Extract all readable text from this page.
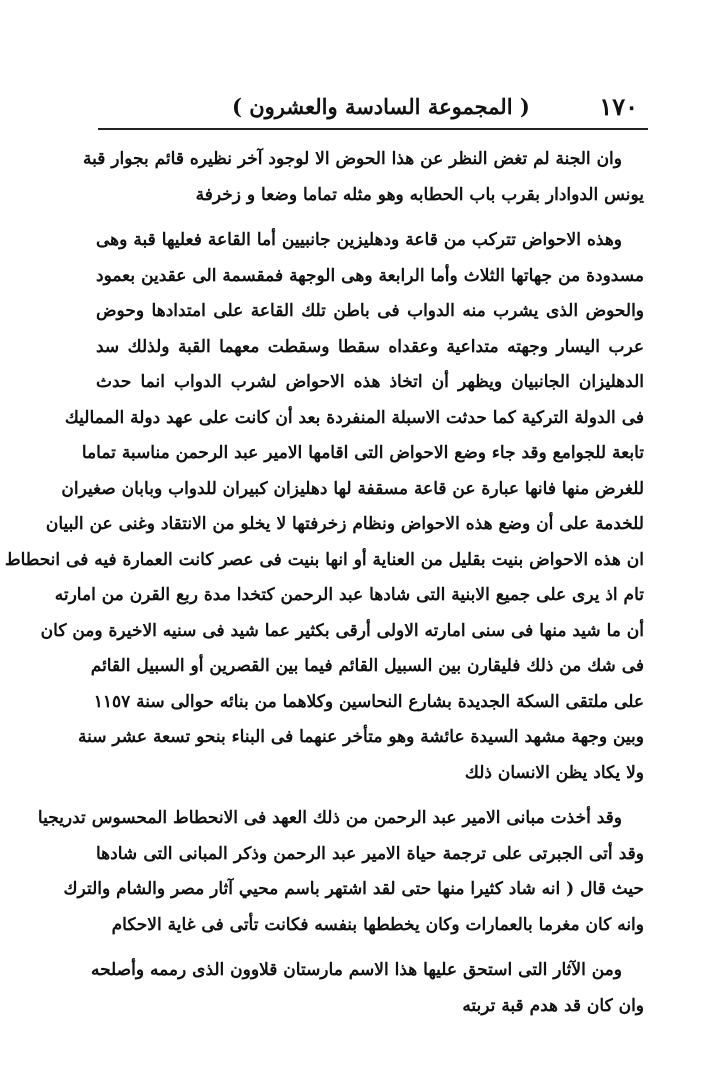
١٧٠
( المجموعة السادسة والعشرون )
وان الجنة لم تغض النظر عن هذا الحوض الا لوجود آخر نظيره قائم بجوار قبة
يونس الدوادار بقرب باب الحطابه وهو مثله تماما وضعا و زخرفة
وهذه الاحواض تتركب من قاعة ودهليزين جانبيين أما القاعة فعليها قبة وهى
مسدودة من جهاتها الثلاث وأما الرابعة وهى الوجهة فمقسمة الى عقدين بعمود
والحوض الذى يشرب منه الدواب فى باطن تلك القاعة على امتدادها وحوض
عرب اليسار وجهته متداعية وعقداه سقطا وسقطت معهما القبة ولذلك سد
الدهليزان الجانبيان ويظهر أن اتخاذ هذه الاحواض لشرب الدواب انما حدث
فى الدولة التركية كما حدثت الاسبلة المنفردة بعد أن كانت على عهد دولة المماليك
تابعة للجوامع وقد جاء وضع الاحواض التى اقامها الامير عبد الرحمن مناسبة تماما
للغرض منها فانها عبارة عن قاعة مسقفة لها دهليزان كبيران للدواب وبابان صغيران
للخدمة على أن وضع هذه الاحواض ونظام زخرفتها لا يخلو من الانتقاد وغنى عن البيان
ان هذه الاحواض بنيت بقليل من العناية أو انها بنيت فى عصر كانت العمارة فيه فى انحطاط
تام اذ يرى على جميع الابنية التى شادها عبد الرحمن كتخدا مدة ربع القرن من امارته
أن ما شيد منها فى سنى امارته الاولى أرقى بكثير عما شيد فى سنيه الاخيرة ومن كان
فى شك من ذلك فليقارن بين السبيل القائم فيما بين القصرين أو السبيل القائم
على ملتقى السكة الجديدة بشارع النحاسين وكلاهما من بنائه حوالى سنة ١١٥٧
وبين وجهة مشهد السيدة عائشة وهو متأخر عنهما فى البناء بنحو تسعة عشر سنة
ولا يكاد يظن الانسان ذلك
وقد أخذت مبانى الامير عبد الرحمن من ذلك العهد فى الانحطاط المحسوس تدريجيا
وقد أتى الجبرتى على ترجمة حياة الامير عبد الرحمن وذكر المبانى التى شادها
حيث قال ( انه شاد كثيرا منها حتى لقد اشتهر باسم محيي آثار مصر والشام والترك
وانه كان مغرما بالعمارات وكان يخططها بنفسه فكانت تأتى فى غاية الاحكام
ومن الآثار التى استحق عليها هذا الاسم مارستان قلاوون الذى رممه وأصلحه
وان كان قد هدم قبة تربته
